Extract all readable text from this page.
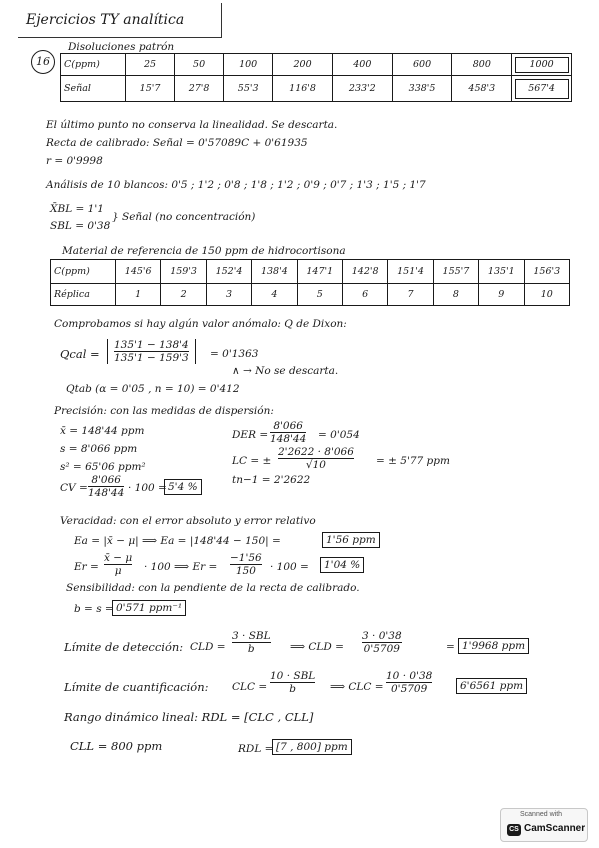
Ejercicios TY analítica
16
Disoluciones patrón
C(ppm)	25	50	100	200	400	600	800	1000
Señal	15'7	27'8	55'3	116'8	233'2	338'5	458'3	567'4
El último punto no conserva la linealidad. Se descarta.
Recta de calibrado: Señal = 0'57089C + 0'61935
r = 0'9998
Análisis de 10 blancos: 0'5 ; 1'2 ; 0'8 ; 1'8 ; 1'2 ; 0'9 ; 0'7 ; 1'3 ; 1'5 ; 1'7
X̄BL = 1'1
SBL = 0'38
} Señal (no concentración)
Material de referencia de 150 ppm de hidrocortisona
C(ppm)	145'6	159'3	152'4	138'4	147'1	142'8	151'4	155'7	135'1	156'3
Réplica	1	2	3	4	5	6	7	8	9	10
Comprobamos si hay algún valor anómalo: Q de Dixon:
Qcal = $\frac{135'1 - 138'4}{135'1 - 159'3} = 0'1363$
∧ → No se descarta.
Qtab (α = 0'05 , n = 10) = 0'412
Precisión: con las medidas de dispersión:
x̄ = 148'44 ppm
s = 8'066 ppm
s² = 65'06 ppm²
CV = $\frac{8'066}{148'44} \cdot 100 = 5'4$ %
DER = $\frac{8'066}{148'44} = 0'054$
LC = ± $\frac{2'2622 \cdot 8'066}{√10}$ = ± 5'77 ppm
tn−1 = 2'2622
Veracidad: con el error absoluto y error relativo
Ea = |x̄ − μ| ⟹ Ea = |148'44 − 150| =	1'56 ppm
$Er = \frac{x̄ - \mu}{\mu} \cdot 100$ ⟹ $Er = \frac{-1'56}{150} \cdot 100$ =	1'04 %
Sensibilidad: con la pendiente de la recta de calibrado.
b = s = 0'571 ppm⁻¹
Límite de detección: CLD =
3 · SBL
b	⟹ CLD = $\frac{3 \cdot 0'38}{0'5709}$	= 1'9968 ppm
Límite de cuantificación: CLC =
10 · SBL
b	⟹ CLC = $\frac{10 \cdot 0'38}{0'5709}$	6'6561 ppm
Rango dinámico lineal: RDL = [CLC , CLL]
CLL = 800 ppm	RDL = [7 , 800] ppm
Scanned with
CS CamScanner
